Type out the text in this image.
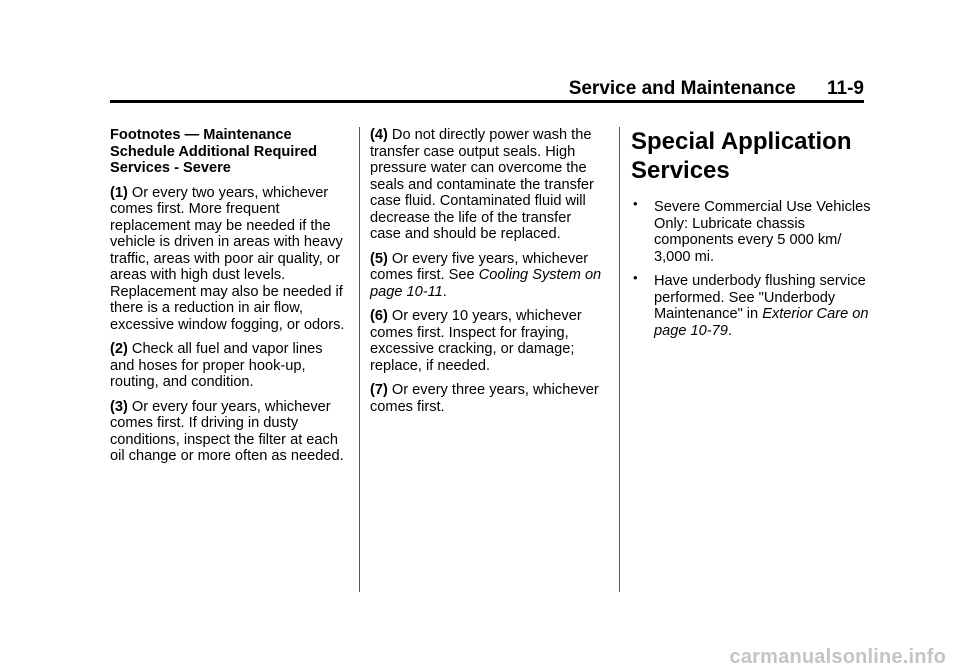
Service and Maintenance 11-9

Footnotes — Maintenance Schedule Additional Required Services - Severe

(1) Or every two years, whichever comes first. More frequent replacement may be needed if the vehicle is driven in areas with heavy traffic, areas with poor air quality, or areas with high dust levels. Replacement may also be needed if there is a reduction in air flow, excessive window fogging, or odors.

(2) Check all fuel and vapor lines and hoses for proper hook-up, routing, and condition.

(3) Or every four years, whichever comes first. If driving in dusty conditions, inspect the filter at each oil change or more often as needed.

(4) Do not directly power wash the transfer case output seals. High pressure water can overcome the seals and contaminate the transfer case fluid. Contaminated fluid will decrease the life of the transfer case and should be replaced.

(5) Or every five years, whichever comes first. See Cooling System on page 10-11.

(6) Or every 10 years, whichever comes first. Inspect for fraying, excessive cracking, or damage; replace, if needed.

(7) Or every three years, whichever comes first.

Special Application Services
• Severe Commercial Use Vehicles Only: Lubricate chassis components every 5 000 km/ 3,000 mi.
• Have underbody flushing service performed. See "Underbody Maintenance" in Exterior Care on page 10-79.
carmanualsonline.info
